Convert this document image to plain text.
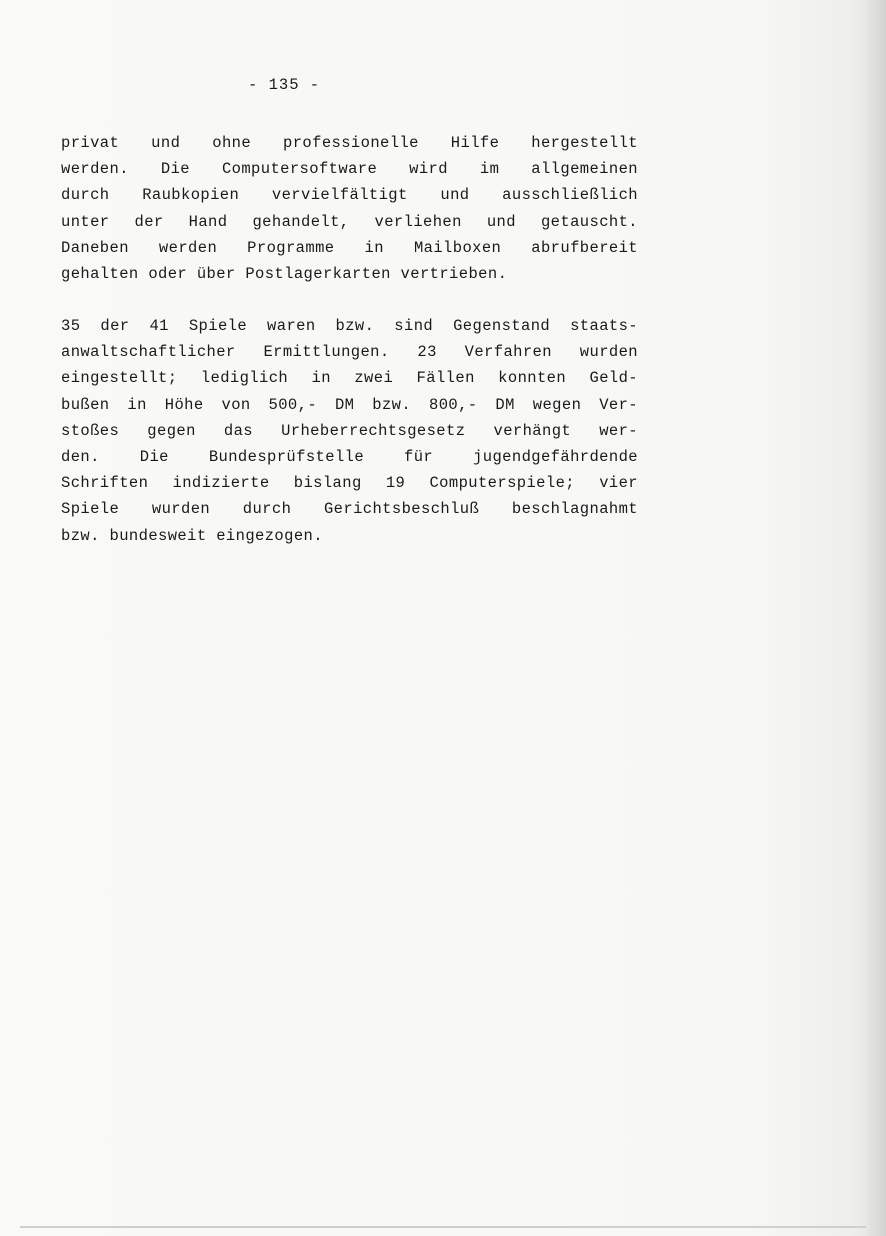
- 135 -
privat und ohne professionelle Hilfe hergestellt
werden. Die Computersoftware wird im allgemeinen
durch Raubkopien vervielfältigt und ausschließlich
unter der Hand gehandelt, verliehen und getauscht.
Daneben werden Programme in Mailboxen abrufbereit
gehalten oder über Postlagerkarten vertrieben.
35 der 41 Spiele waren bzw. sind Gegenstand staats-
anwaltschaftlicher Ermittlungen. 23 Verfahren wurden
eingestellt; lediglich in zwei Fällen konnten Geld-
bußen in Höhe von 500,- DM bzw. 800,- DM wegen Ver-
stoßes gegen das Urheberrechtsgesetz verhängt wer-
den. Die Bundesprüfstelle für jugendgefährdende
Schriften indizierte bislang 19 Computerspiele; vier
Spiele wurden durch Gerichtsbeschluß beschlagnahmt
bzw. bundesweit eingezogen.
